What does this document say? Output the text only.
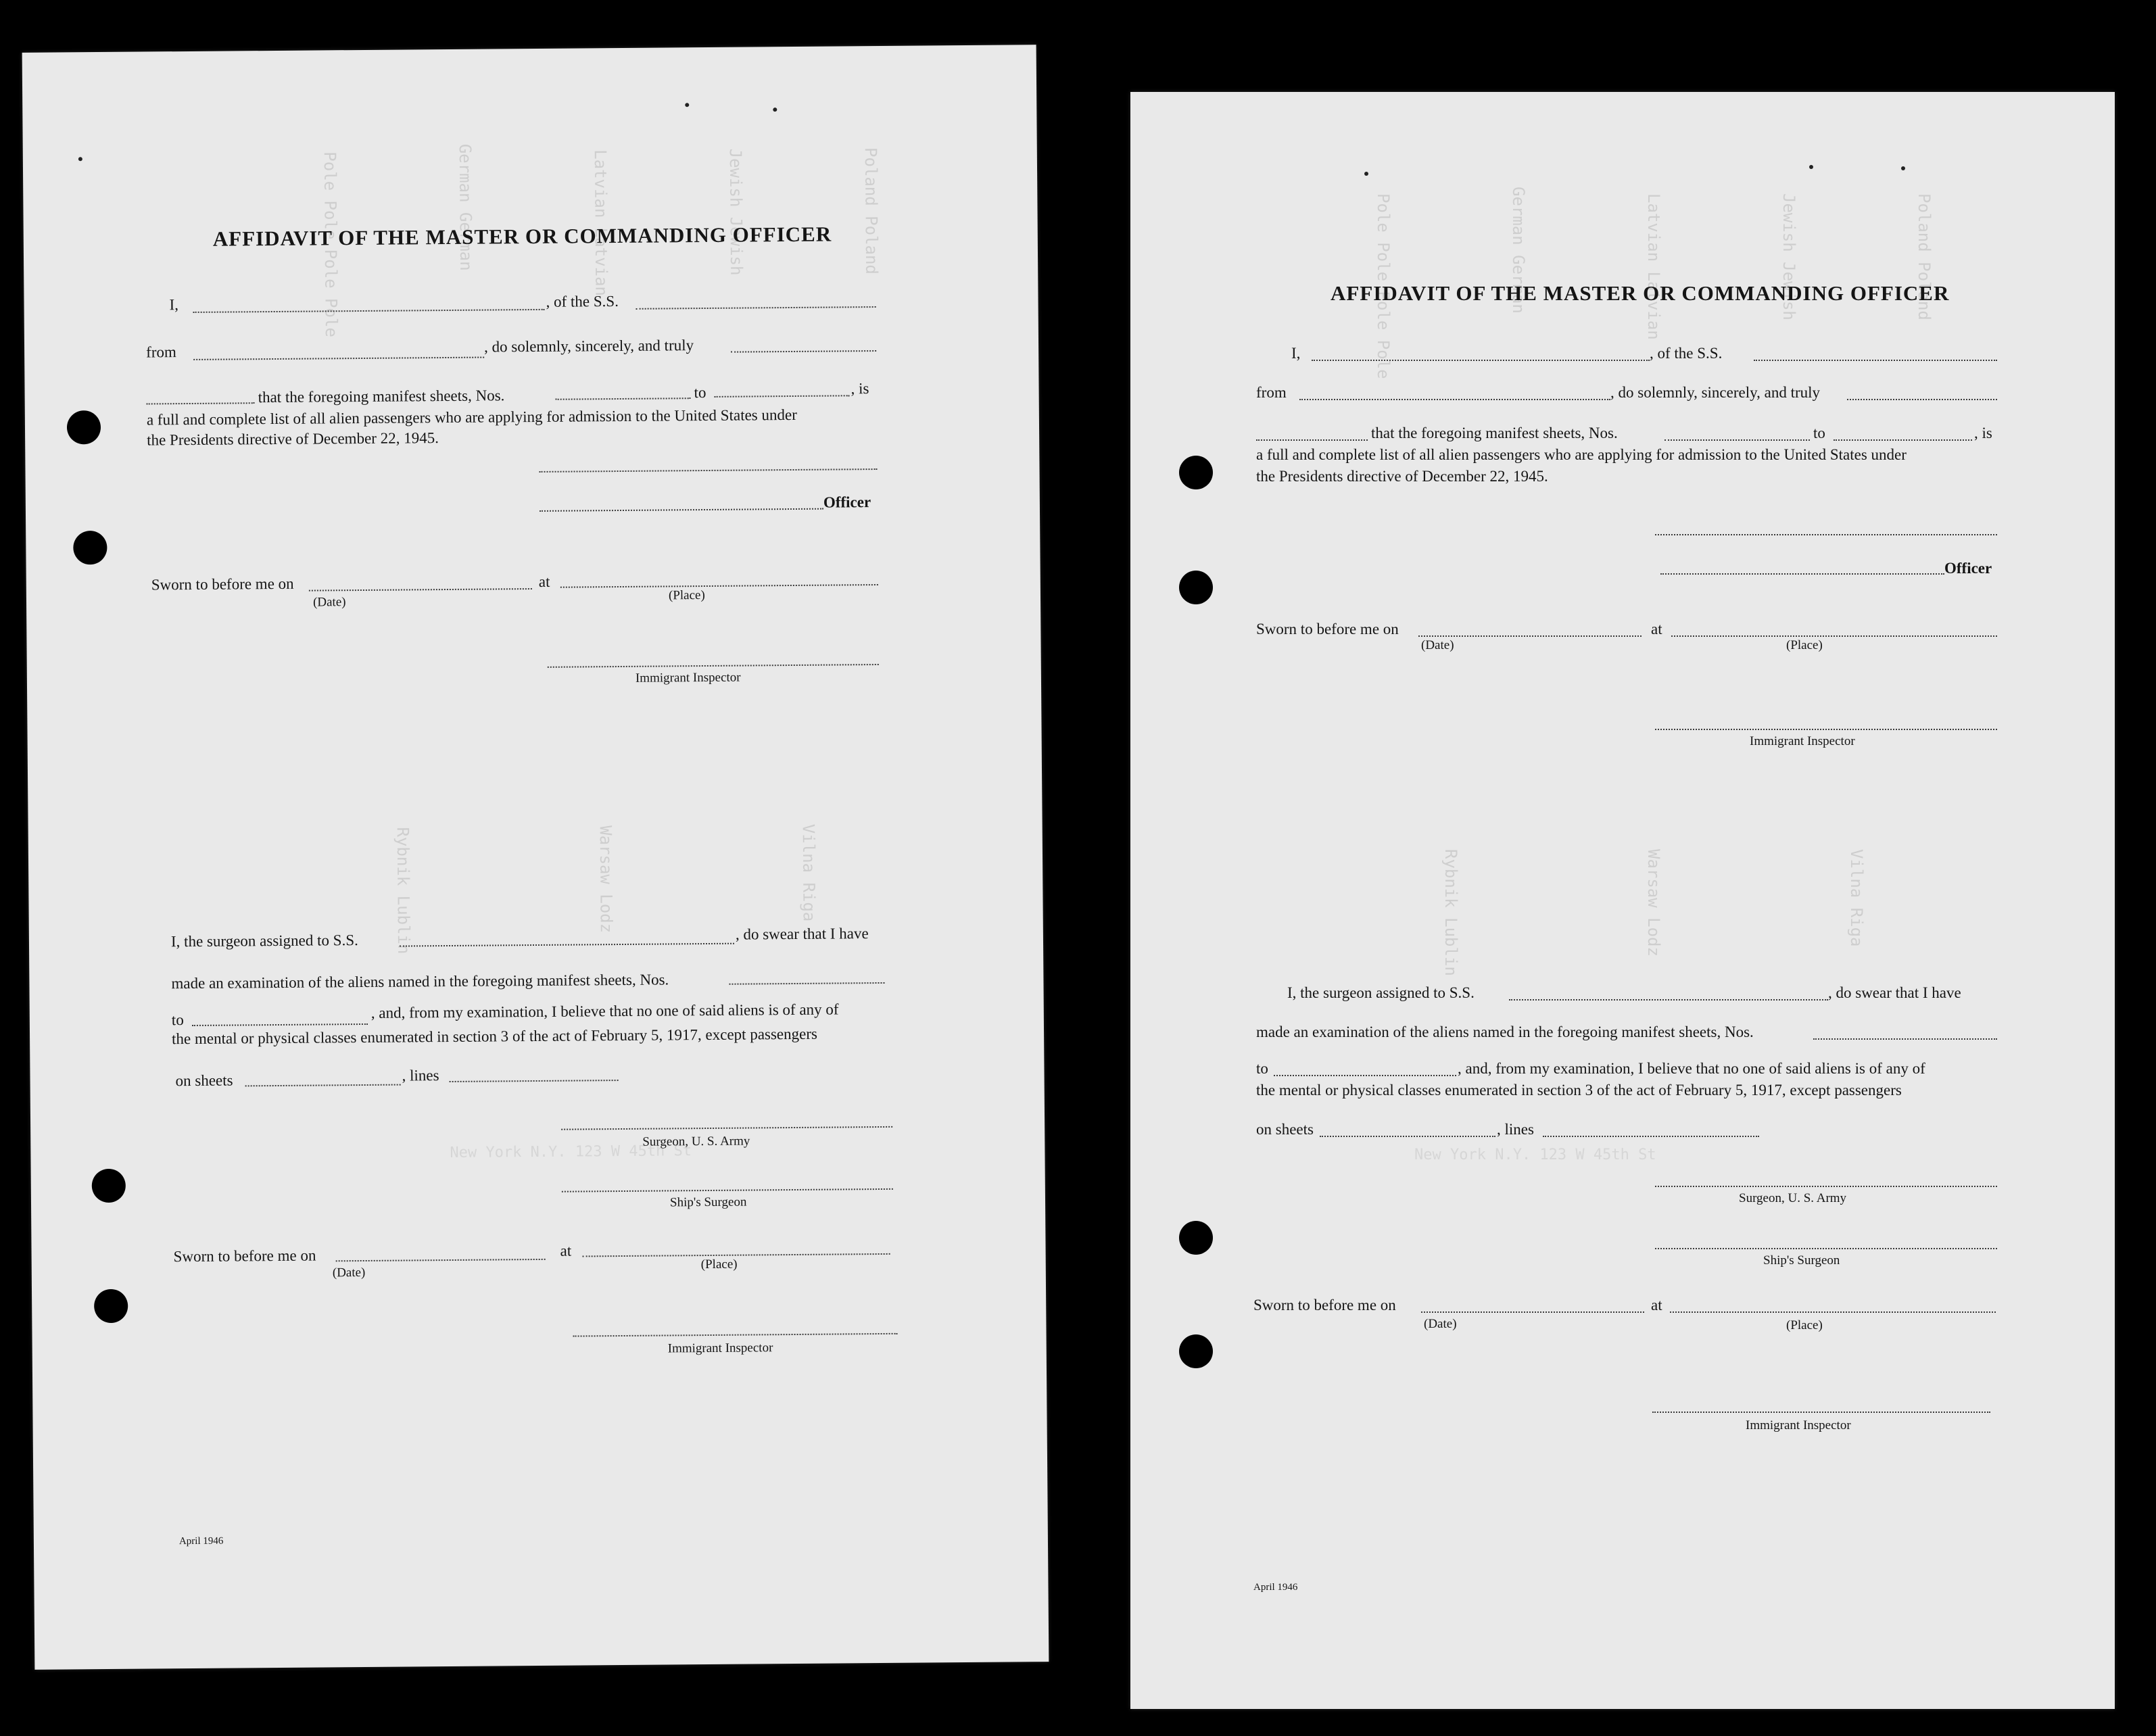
Pole Pole Pole Pole	German German	Latvian Latvian	Jewish Jewish	Poland Poland
Rybnik Lublin	Warsaw Lodz	Vilna Riga
New York N.Y. 123 W 45th St
AFFIDAVIT OF THE MASTER OR COMMANDING OFFICER
I,	, of the S.S.
from	, do solemnly, sincerely, and truly
that the foregoing manifest sheets, Nos.	to	, is
a full and complete list of all alien passengers who are applying for admission to the United States under
the Presidents directive of December 22, 1945.
Officer
Sworn to before me on	at
(Date)	(Place)
Immigrant Inspector
I, the surgeon assigned to S.S.	, do swear that I have
made an examination of the aliens named in the foregoing manifest sheets, Nos.
to	, and, from my examination, I believe that no one of said aliens is of any of
the mental or physical classes enumerated in section 3 of the act of February 5, 1917, except passengers
on sheets	, lines
Surgeon, U. S. Army
Ship's Surgeon
Sworn to before me on	at
(Date)
(Place)
Immigrant Inspector
April 1946
Pole Pole Pole Pole	German German	Latvian Latvian	Jewish Jewish	Poland Poland
Rybnik Lublin	Warsaw Lodz	Vilna Riga
New York N.Y. 123 W 45th St
AFFIDAVIT OF THE MASTER OR COMMANDING OFFICER
I,	, of the S.S.
from	, do solemnly, sincerely, and truly
that the foregoing manifest sheets, Nos.	to	, is
a full and complete list of all alien passengers who are applying for admission to the United States under
the Presidents directive of December 22, 1945.
Officer
Sworn to before me on	at
(Date)	(Place)
Immigrant Inspector
I, the surgeon assigned to S.S.	, do swear that I have
made an examination of the aliens named in the foregoing manifest sheets, Nos.
to	, and, from my examination, I believe that no one of said aliens is of any of
the mental or physical classes enumerated in section 3 of the act of February 5, 1917, except passengers
on sheets	, lines
Surgeon, U. S. Army
Ship's Surgeon
Sworn to before me on	at
(Date)	(Place)
Immigrant Inspector
April 1946
